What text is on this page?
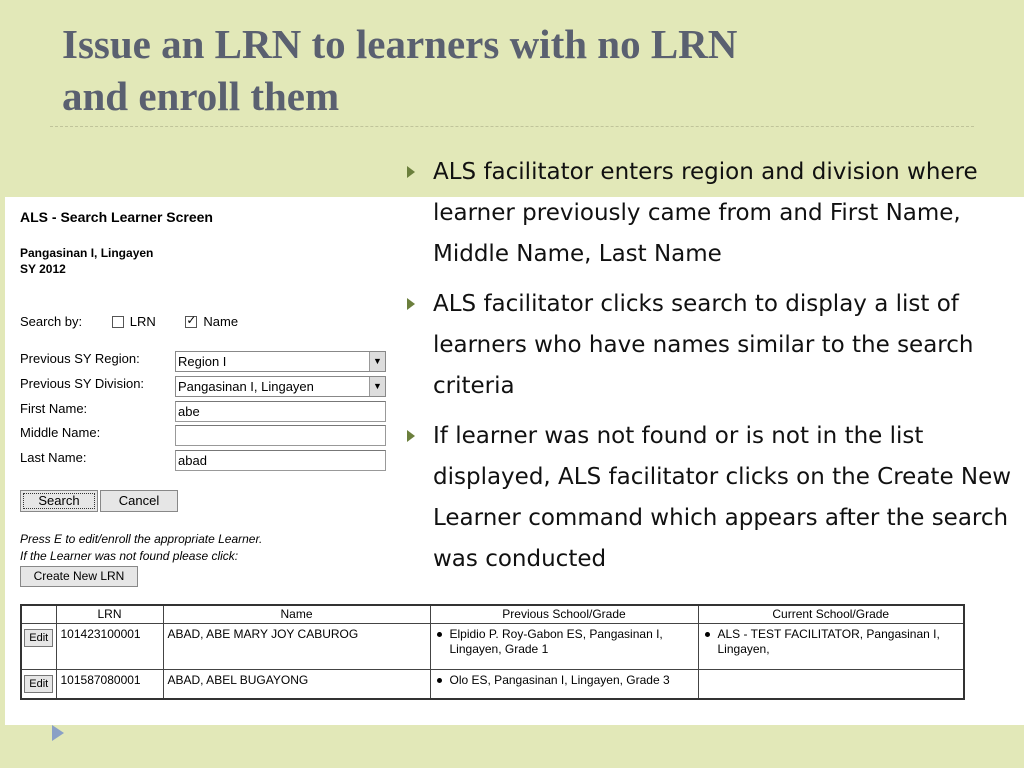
Issue an LRN to learners with no LRN
and enroll them
ALS facilitator enters region and division where learner previously came from and First Name, Middle Name, Last Name
ALS facilitator clicks search to display a list of learners who have names similar to the search criteria
If learner was not found or is not in the list displayed, ALS facilitator clicks on the Create New Learner command which appears after the search was conducted
ALS - Search Learner Screen
Pangasinan I, Lingayen
SY 2012
Search by:	LRN ✓	Name
Previous SY Region:	Region I	▼
Previous SY Division:	Pangasinan I, Lingayen	▼
First Name:	abe
Middle Name:
Last Name:	abad
Search	Cancel
Press E to edit/enroll the appropriate Learner.
If the Learner was not found please click:
Create New LRN
	LRN	Name	Previous School/Grade	Current School/Grade
Edit	101423100001	ABAD, ABE MARY JOY CABUROG	Elpidio P. Roy-Gabon ES, Pangasinan I, Lingayen, Grade 1	ALS - TEST FACILITATOR, Pangasinan I, Lingayen,

Edit	101587080001	ABAD, ABEL BUGAYONG	Olo ES, Pangasinan I, Lingayen, Grade 3	
